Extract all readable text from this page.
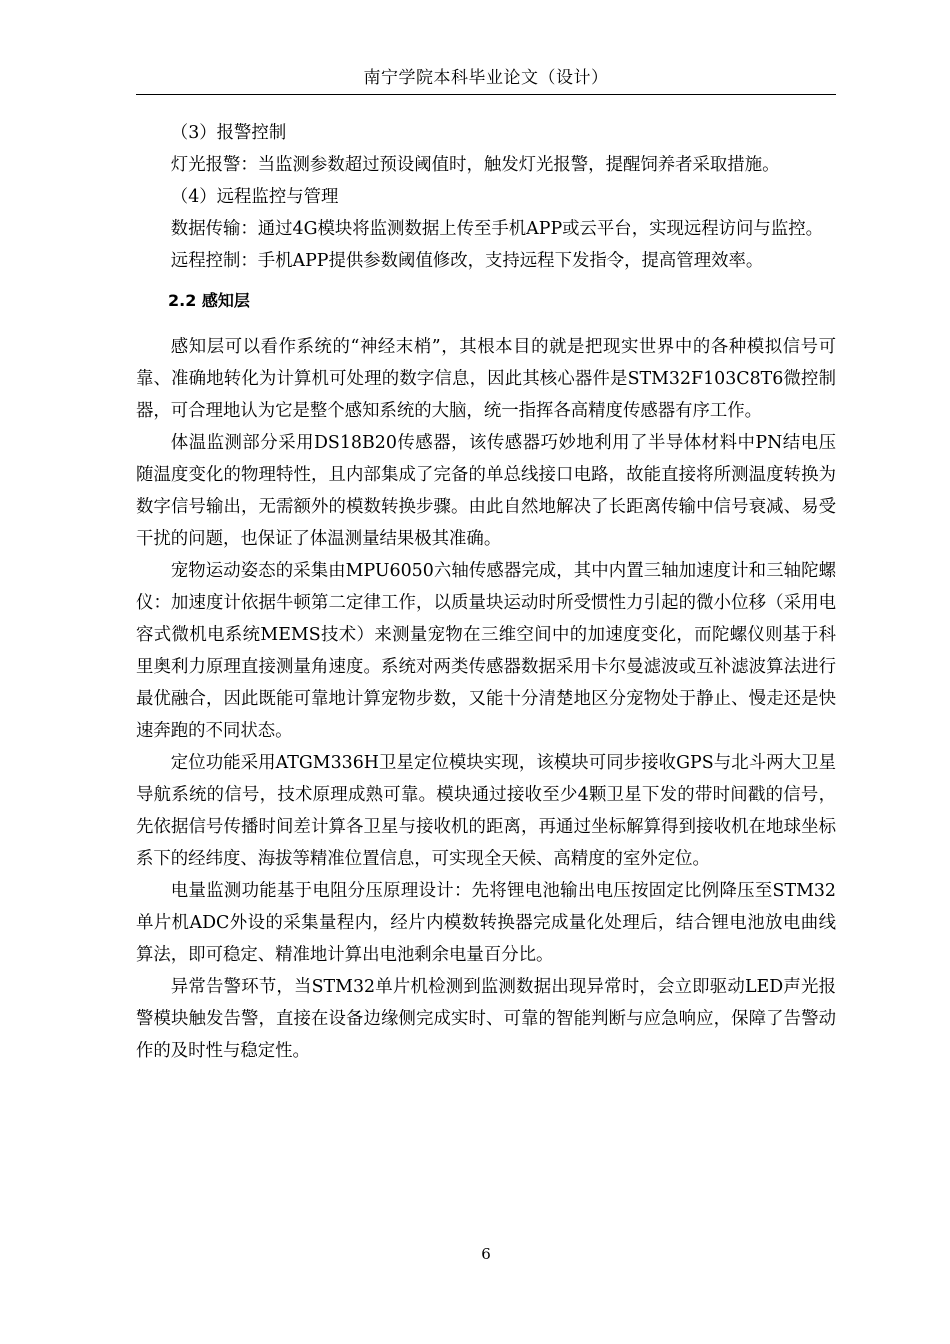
南宁学院本科毕业论文（设计）

（3）报警控制

灯光报警：当监测参数超过预设阈值时，触发灯光报警，提醒饲养者采取措施。

（4）远程监控与管理

数据传输：通过4G模块将监测数据上传至手机APP或云平台，实现远程访问与监控。

远程控制：手机APP提供参数阈值修改，支持远程下发指令，提高管理效率。

2.2 感知层

感知层可以看作系统的“神经末梢”，其根本目的就是把现实世界中的各种模拟信号可靠、准确地转化为计算机可处理的数字信息，因此其核心器件是STM32F103C8T6微控制器，可合理地认为它是整个感知系统的大脑，统一指挥各高精度传感器有序工作。

体温监测部分采用DS18B20传感器，该传感器巧妙地利用了半导体材料中PN结电压随温度变化的物理特性，且内部集成了完备的单总线接口电路，故能直接将所测温度转换为数字信号输出，无需额外的模数转换步骤。由此自然地解决了长距离传输中信号衰减、易受干扰的问题，也保证了体温测量结果极其准确。

宠物运动姿态的采集由MPU6050六轴传感器完成，其中内置三轴加速度计和三轴陀螺仪：加速度计依据牛顿第二定律工作，以质量块运动时所受惯性力引起的微小位移（采用电容式微机电系统MEMS技术）来测量宠物在三维空间中的加速度变化，而陀螺仪则基于科里奥利力原理直接测量角速度。系统对两类传感器数据采用卡尔曼滤波或互补滤波算法进行最优融合，因此既能可靠地计算宠物步数，又能十分清楚地区分宠物处于静止、慢走还是快速奔跑的不同状态。

定位功能采用ATGM336H卫星定位模块实现，该模块可同步接收GPS与北斗两大卫星导航系统的信号，技术原理成熟可靠。模块通过接收至少4颗卫星下发的带时间戳的信号，先依据信号传播时间差计算各卫星与接收机的距离，再通过坐标解算得到接收机在地球坐标系下的经纬度、海拔等精准位置信息，可实现全天候、高精度的室外定位。

电量监测功能基于电阻分压原理设计：先将锂电池输出电压按固定比例降压至STM32单片机ADC外设的采集量程内，经片内模数转换器完成量化处理后，结合锂电池放电曲线算法，即可稳定、精准地计算出电池剩余电量百分比。

异常告警环节，当STM32单片机检测到监测数据出现异常时，会立即驱动LED声光报警模块触发告警，直接在设备边缘侧完成实时、可靠的智能判断与应急响应，保障了告警动作的及时性与稳定性。

6
